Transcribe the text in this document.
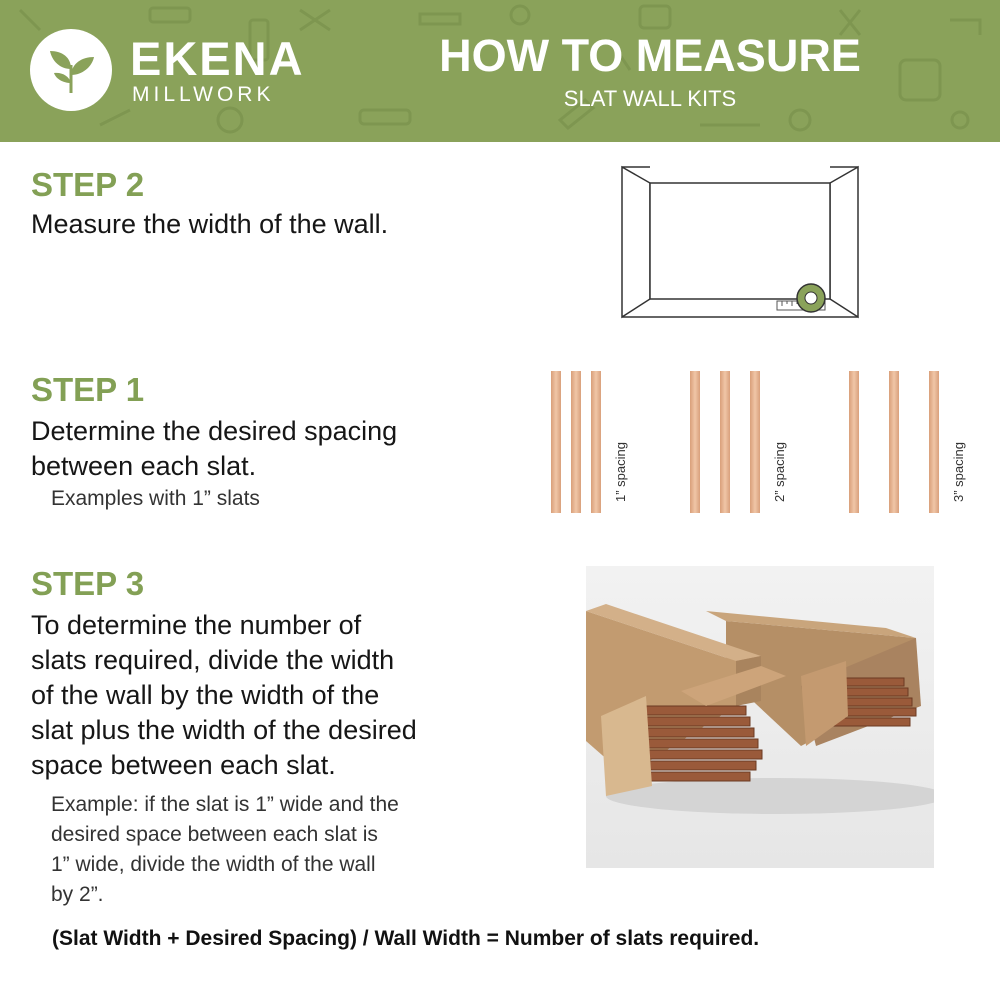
EKENA
MILLWORK
HOW TO MEASURE
SLAT WALL KITS
STEP 2
Measure the width of the wall.
STEP 1
Determine the desired spacing
between each slat.
Examples with 1” slats	1” spacing	2” spacing	3” spacing
STEP 3
To determine the number of
slats required, divide the width
of the wall by the width of the
slat plus the width of the desired
space between each slat.
Example: if the slat is 1” wide and the
desired space between each slat is
1” wide, divide the width of the wall
by 2”.
(Slat Width + Desired Spacing) / Wall Width = Number of slats required.
